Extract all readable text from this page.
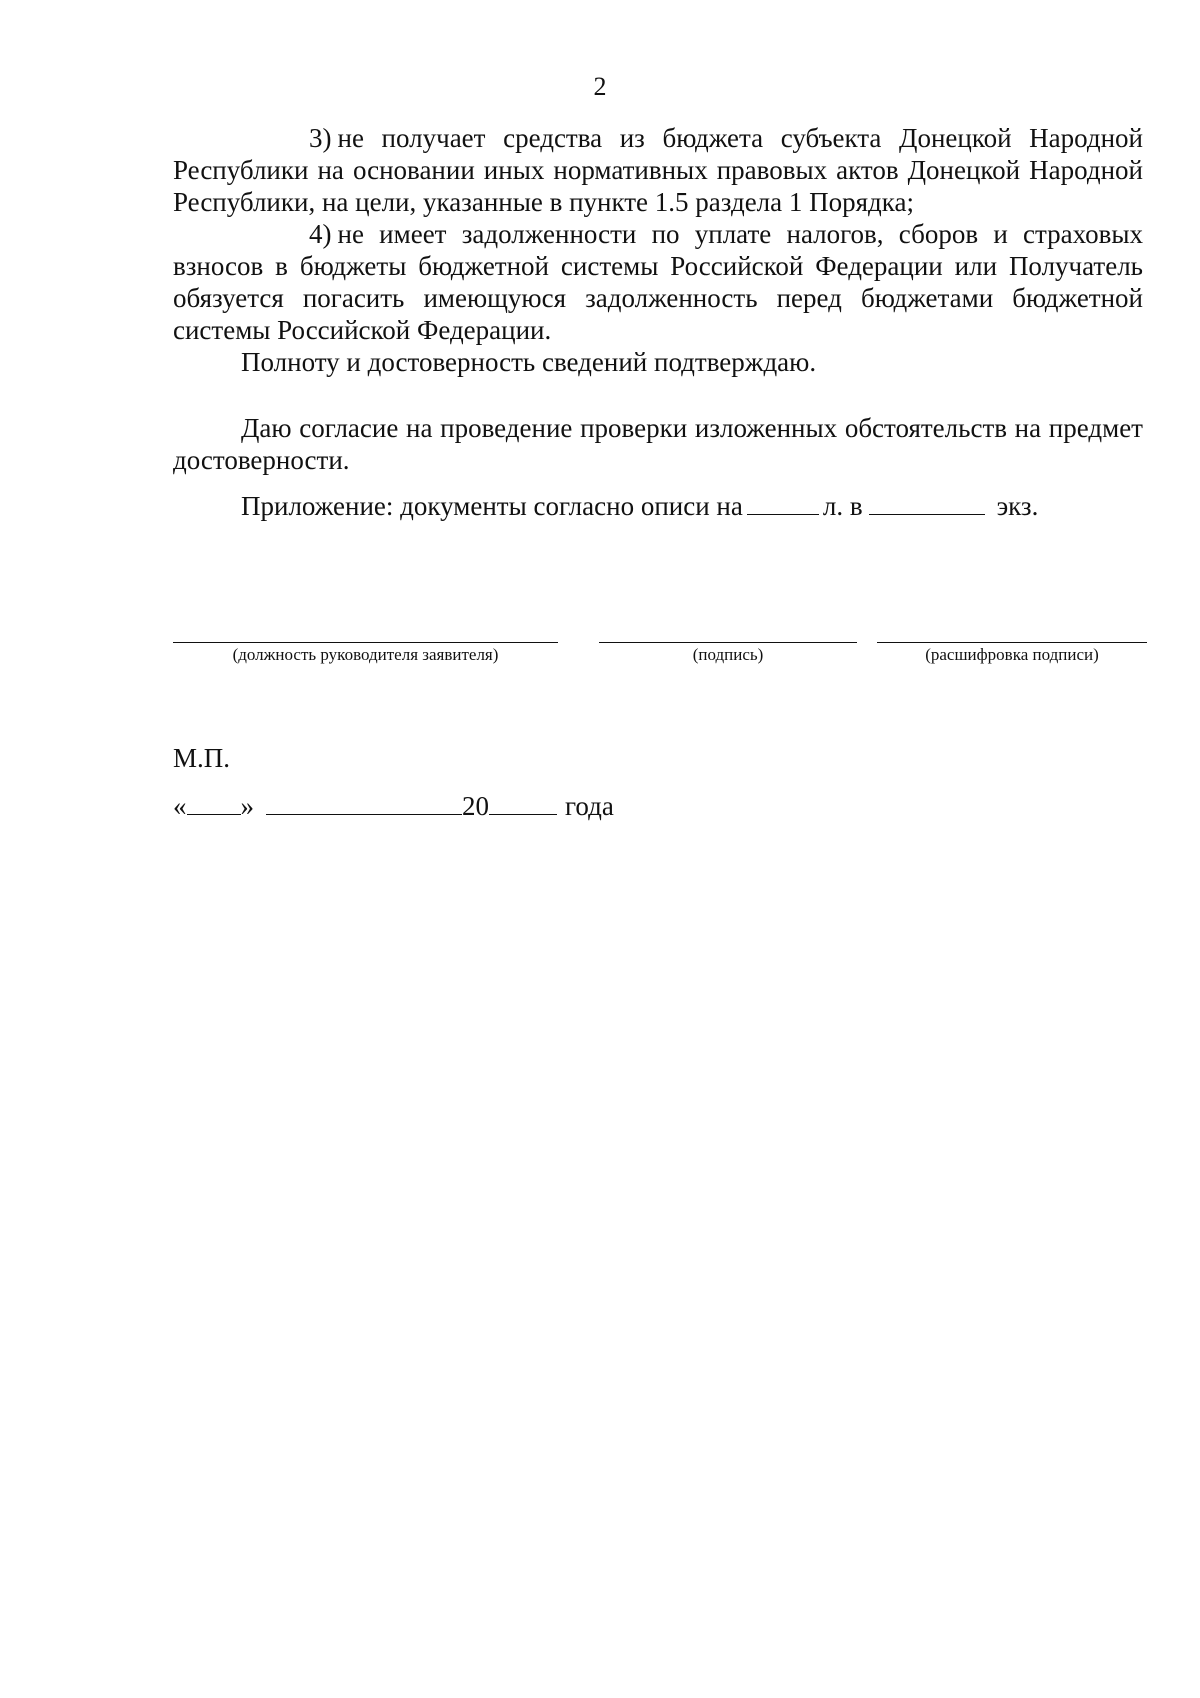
2

3) не получает средства из бюджета субъекта Донецкой Народной Республики на основании иных нормативных правовых актов Донецкой Народной Республики, на цели, указанные в пункте 1.5 раздела 1 Порядка;

4) не имеет задолженности по уплате налогов, сборов и страховых взносов в бюджеты бюджетной системы Российской Федерации или Получатель обязуется погасить имеющуюся задолженность перед бюджетами бюджетной системы Российской Федерации.

Полноту и достоверность сведений подтверждаю.

Даю согласие на проведение проверки изложенных обстоятельств на предмет достоверности.

Приложение: документы согласно описи на	л. в	экз.

(должность руководителя заявителя)	(подпись)	(расшифровка подписи)
М.П.
« »	20	года
